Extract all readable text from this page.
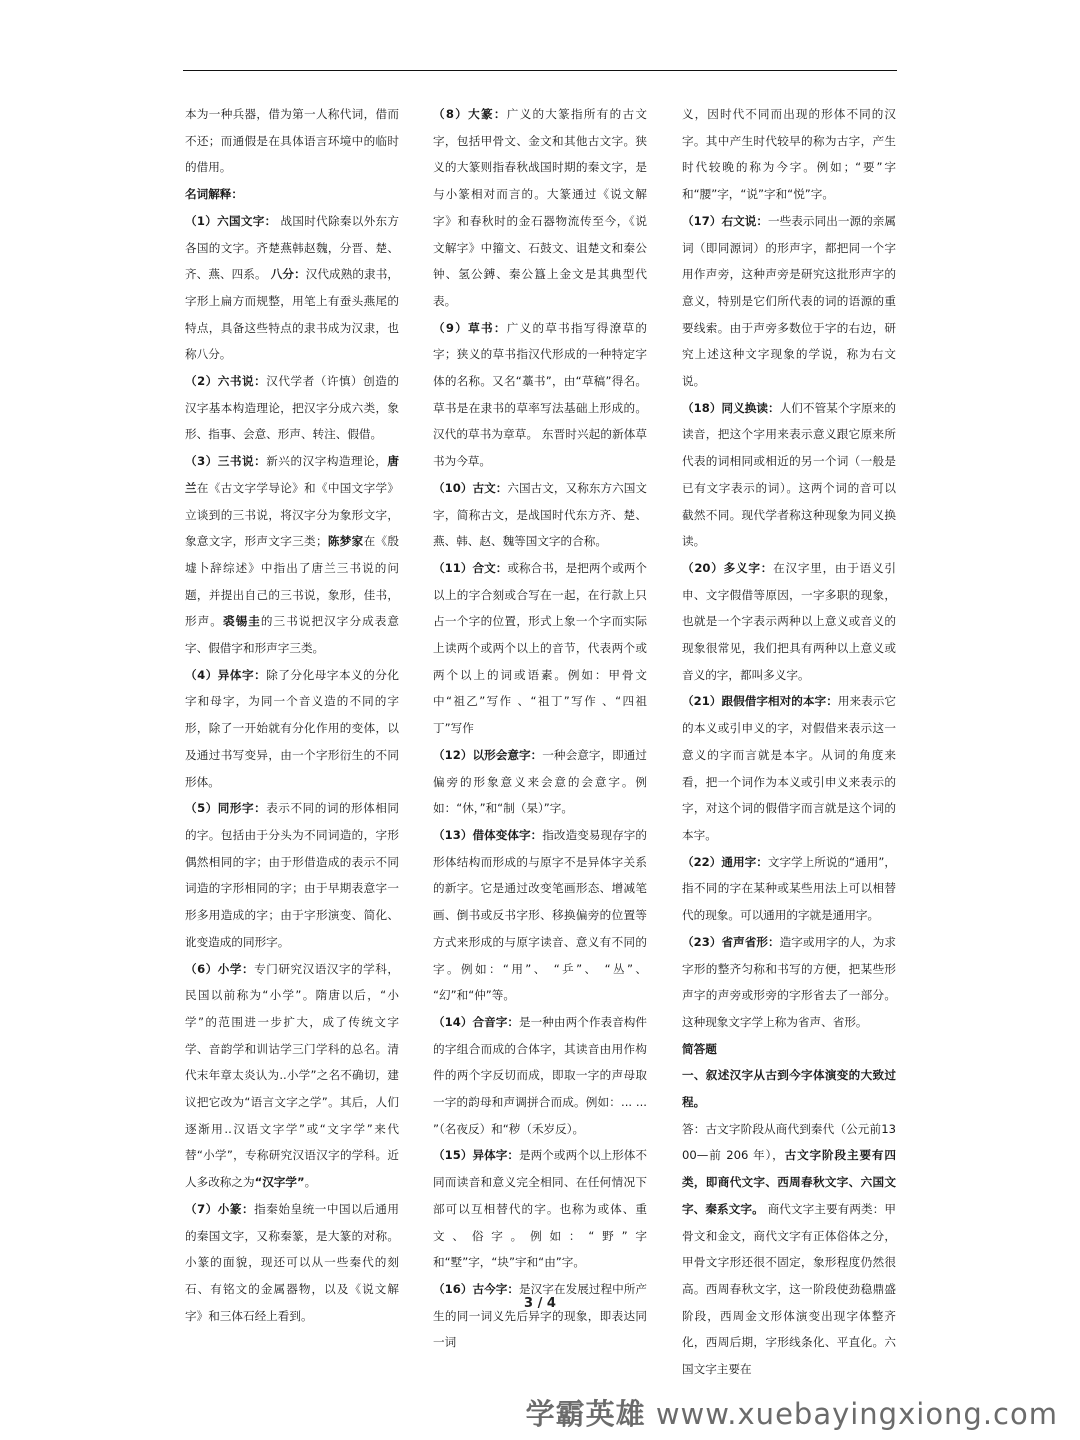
本为一种兵器，借为第一人称代词，借而不还；而通假是在具体语言环境中的临时的借用。

名词解释：

（1）六国文字： 战国时代除秦以外东方各国的文字。齐楚燕韩赵魏，分晋、楚、齐、燕、四系。 八分：汉代成熟的隶书，字形上扁方而规整，用笔上有蚕头燕尾的特点，具备这些特点的隶书成为汉隶，也称八分。

（2）六书说：汉代学者（许慎）创造的汉字基本构造理论，把汉字分成六类，象形、指事、会意、形声、转注、假借。

（3）三书说：新兴的汉字构造理论，唐兰在《古文字学导论》和《中国文字学》立谈到的三书说，将汉字分为象形文字，象意文字，形声文字三类；陈梦家在《殷墟卜辞综述》中指出了唐兰三书说的问题，并提出自己的三书说，象形，佳书，形声。裘锡圭的三书说把汉字分成表意字、假借字和形声字三类。

（4）异体字：除了分化母字本义的分化字和母字，为同一个音义造的不同的字形，除了一开始就有分化作用的变体，以及通过书写变异，由一个字形衍生的不同形体。

（5）同形字：表示不同的词的形体相同的字。包括由于分头为不同词造的，字形偶然相同的字；由于形借造成的表示不同词造的字形相同的字；由于早期表意字一形多用造成的字；由于字形演变、简化、讹变造成的同形字。

（6）小学：专门研究汉语汉字的学科，民国以前称为“小学”。隋唐以后，“小学”的范围进一步扩大，成了传统文字学、音韵学和训诂学三门学科的总名。清代末年章太炎认为..小学”之名不确切，建议把它改为“语言文字之学”。其后，人们逐渐用..汉语文字学”或“文字学”来代替“小学”，专称研究汉语汉字的学科。近人多改称之为“汉字学”。

（7）小篆：指秦始皇统一中国以后通用的秦国文字，又称秦篆，是大篆的对称。小篆的面貌，现还可以从一些秦代的刻石、有铭文的金属器物，以及《说文解字》和三体石经上看到。

（8）大篆：广义的大篆指所有的古文字，包括甲骨文、金文和其他古文字。狭义的大篆则指春秋战国时期的秦文字，是与小篆相对而言的。大篆通过《说文解字》和春秋时的金石器物流传至今，《说文解字》中籀文、石鼓文、诅楚文和秦公钟、氢公鎛、秦公簋上金文是其典型代表。

（9）草书：广义的草书指写得潦草的字；狭义的草书指汉代形成的一种特定字体的名称。又名“藁书”，由“草稿”得名。草书是在隶书的草率写法基础上形成的。 汉代的草书为章草。 东晋时兴起的新体草书为今草。

（10）古文：六国古文，又称东方六国文字，简称古文，是战国时代东方齐、楚、燕、韩、赵、魏等国文字的合称。

（11）合文：或称合书，是把两个或两个以上的字合刻或合写在一起，在行款上只占一个字的位置，形式上象一个字而实际上读两个或两个以上的音节，代表两个或两个以上的词或语素。例如：甲骨文中“祖乙”写作 、“祖丁”写作 、“四祖丁”写作

（12）以形会意字：一种会意字，即通过偏旁的形象意义来会意的会意字。例如：“休，”和“制（杲）”字。

（13）借体变体字：指改造变易现存字的形体结构而形成的与原字不是异体字关系的新字。它是通过改变笔画形态、增减笔画、倒书或反书字形、移换偏旁的位置等方式来形成的与原字读音、意义有不同的字。例如：“用”、 “乒”、 “丛”、 “幻”和“仲”等。

（14）合音字：是一种由两个作表音构件的字组合而成的合体字，其读音由用作构件的两个字反切而成，即取一字的声母取一字的韵母和声调拼合而成。例如：... ... ”（名夜反）和“秽（禾岁反）。

（15）异体字：是两个或两个以上形体不同而读音和意义完全相同、在任何情况下部可以互相替代的字。也称为或体、重文、俗字。例如：“野”字和“墅”字，“块”宇和“由”字。

（16）古今字：是汉字在发展过程中所产生的同一词义先后异字的现象，即表达同一词

义，因时代不同而出现的形体不同的汉字。其中产生时代较早的称为古字，产生时代较晚的称为今字。例如；“要”字和“腰”字，“说”字和“悦”字。

（17）右文说：一些表示同出一源的亲属词（即同源词）的形声字，都把同一个字用作声旁，这种声旁是研究这批形声字的意义，特别是它们所代表的词的语源的重要线索。由于声旁多数位于字的右边，研究上述这种文字现象的学说，称为右文说。

（18）同义换读：人们不管某个字原来的读音，把这个字用来表示意义跟它原来所代表的词相同或相近的另一个词（一般是已有文字表示的词）。这两个词的音可以截然不同。现代学者称这种现象为同义换读。

（20）多义字：在汉字里，由于语义引申、文字假借等原因，一字多职的现象，也就是一个字表示两种以上意义或音义的现象很常见，我们把具有两种以上意义或音义的字，都叫多义字。

（21）跟假借字相对的本字：用来表示它的本义或引申义的字，对假借来表示这一意义的字而言就是本字。从词的角度来看，把一个词作为本义或引申义来表示的字，对这个词的假借字而言就是这个词的本字。

（22）通用字：文字学上所说的“通用”，指不同的字在某种或某些用法上可以相替代的现象。可以通用的字就是通用字。

（23）省声省形：造字或用字的人，为求字形的整齐匀称和书写的方便，把某些形声字的声旁或形旁的字形省去了一部分。这种现象文字学上称为省声、省形。

简答题

一、叙述汉字从古到今字体演变的大致过程。

答：古文字阶段从商代到秦代（公元前1300—前 206 年），古文字阶段主要有四类，即商代文字、西周春秋文字、六国文字、秦系文字。 商代文字主要有两类：甲骨文和金文，商代文字有正体俗体之分，甲骨文字形还很不固定，象形程度仍然很高。西周春秋文字，这一阶段使劲稳鼎盛阶段，西周金文形体演变出现字体整齐化，西周后期，字形线条化、平直化。六国文字主要在

3 / 4
学霸英雄 www.xuebayingxiong.com
